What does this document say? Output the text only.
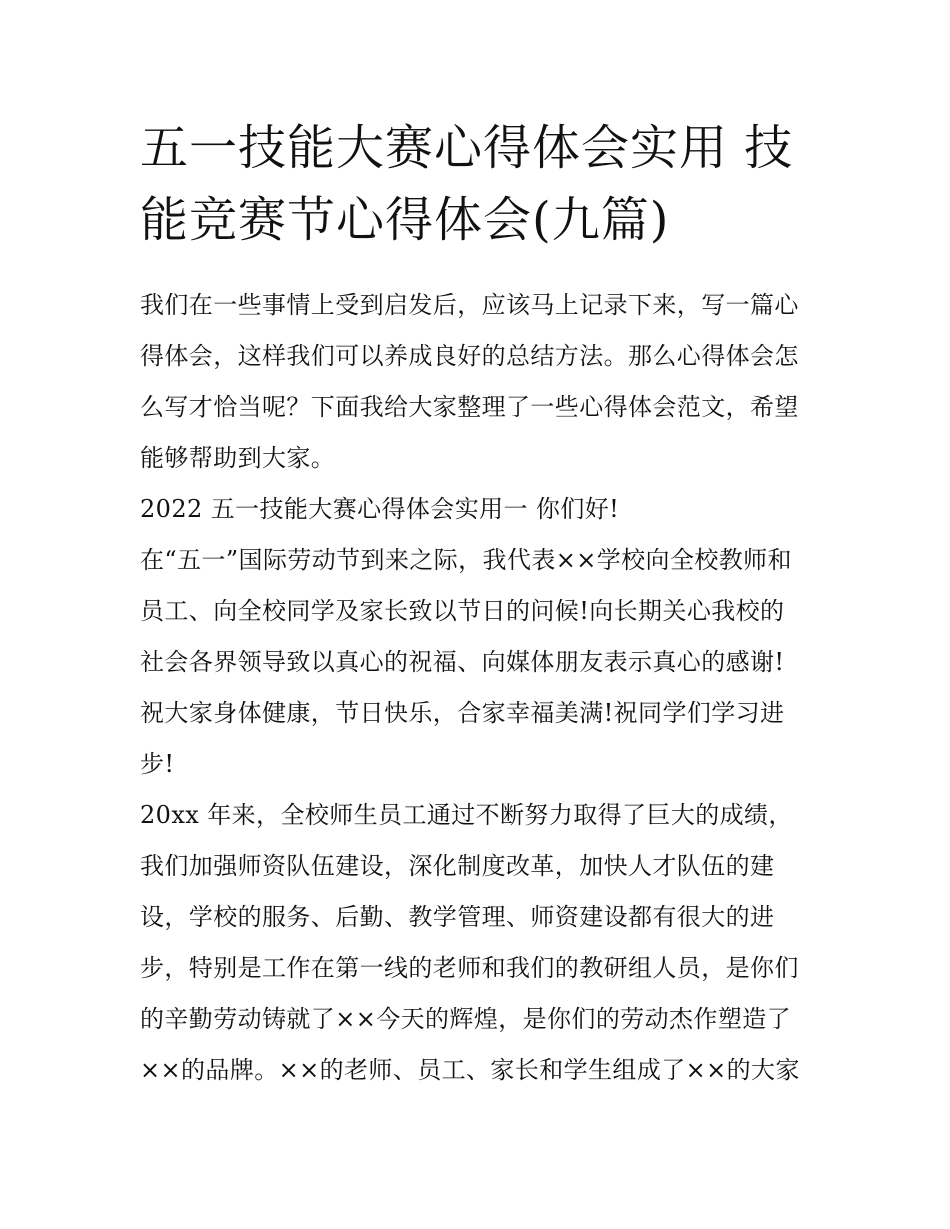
五一技能大赛心得体会实用 技
能竞赛节心得体会(九篇)
我们在一些事情上受到启发后，应该马上记录下来，写一篇心
得体会，这样我们可以养成良好的总结方法。那么心得体会怎
么写才恰当呢？下面我给大家整理了一些心得体会范文，希望
能够帮助到大家。
2022 五一技能大赛心得体会实用一 你们好!
在“五一”国际劳动节到来之际，我代表××学校向全校教师和
员工、向全校同学及家长致以节日的问候!向长期关心我校的
社会各界领导致以真心的祝福、向媒体朋友表示真心的感谢!
祝大家身体健康，节日快乐，合家幸福美满!祝同学们学习进
步!
20xx 年来，全校师生员工通过不断努力取得了巨大的成绩，
我们加强师资队伍建设，深化制度改革，加快人才队伍的建
设，学校的服务、后勤、教学管理、师资建设都有很大的进
步，特别是工作在第一线的老师和我们的教研组人员，是你们
的辛勤劳动铸就了××今天的辉煌，是你们的劳动杰作塑造了
××的品牌。××的老师、员工、家长和学生组成了××的大家
